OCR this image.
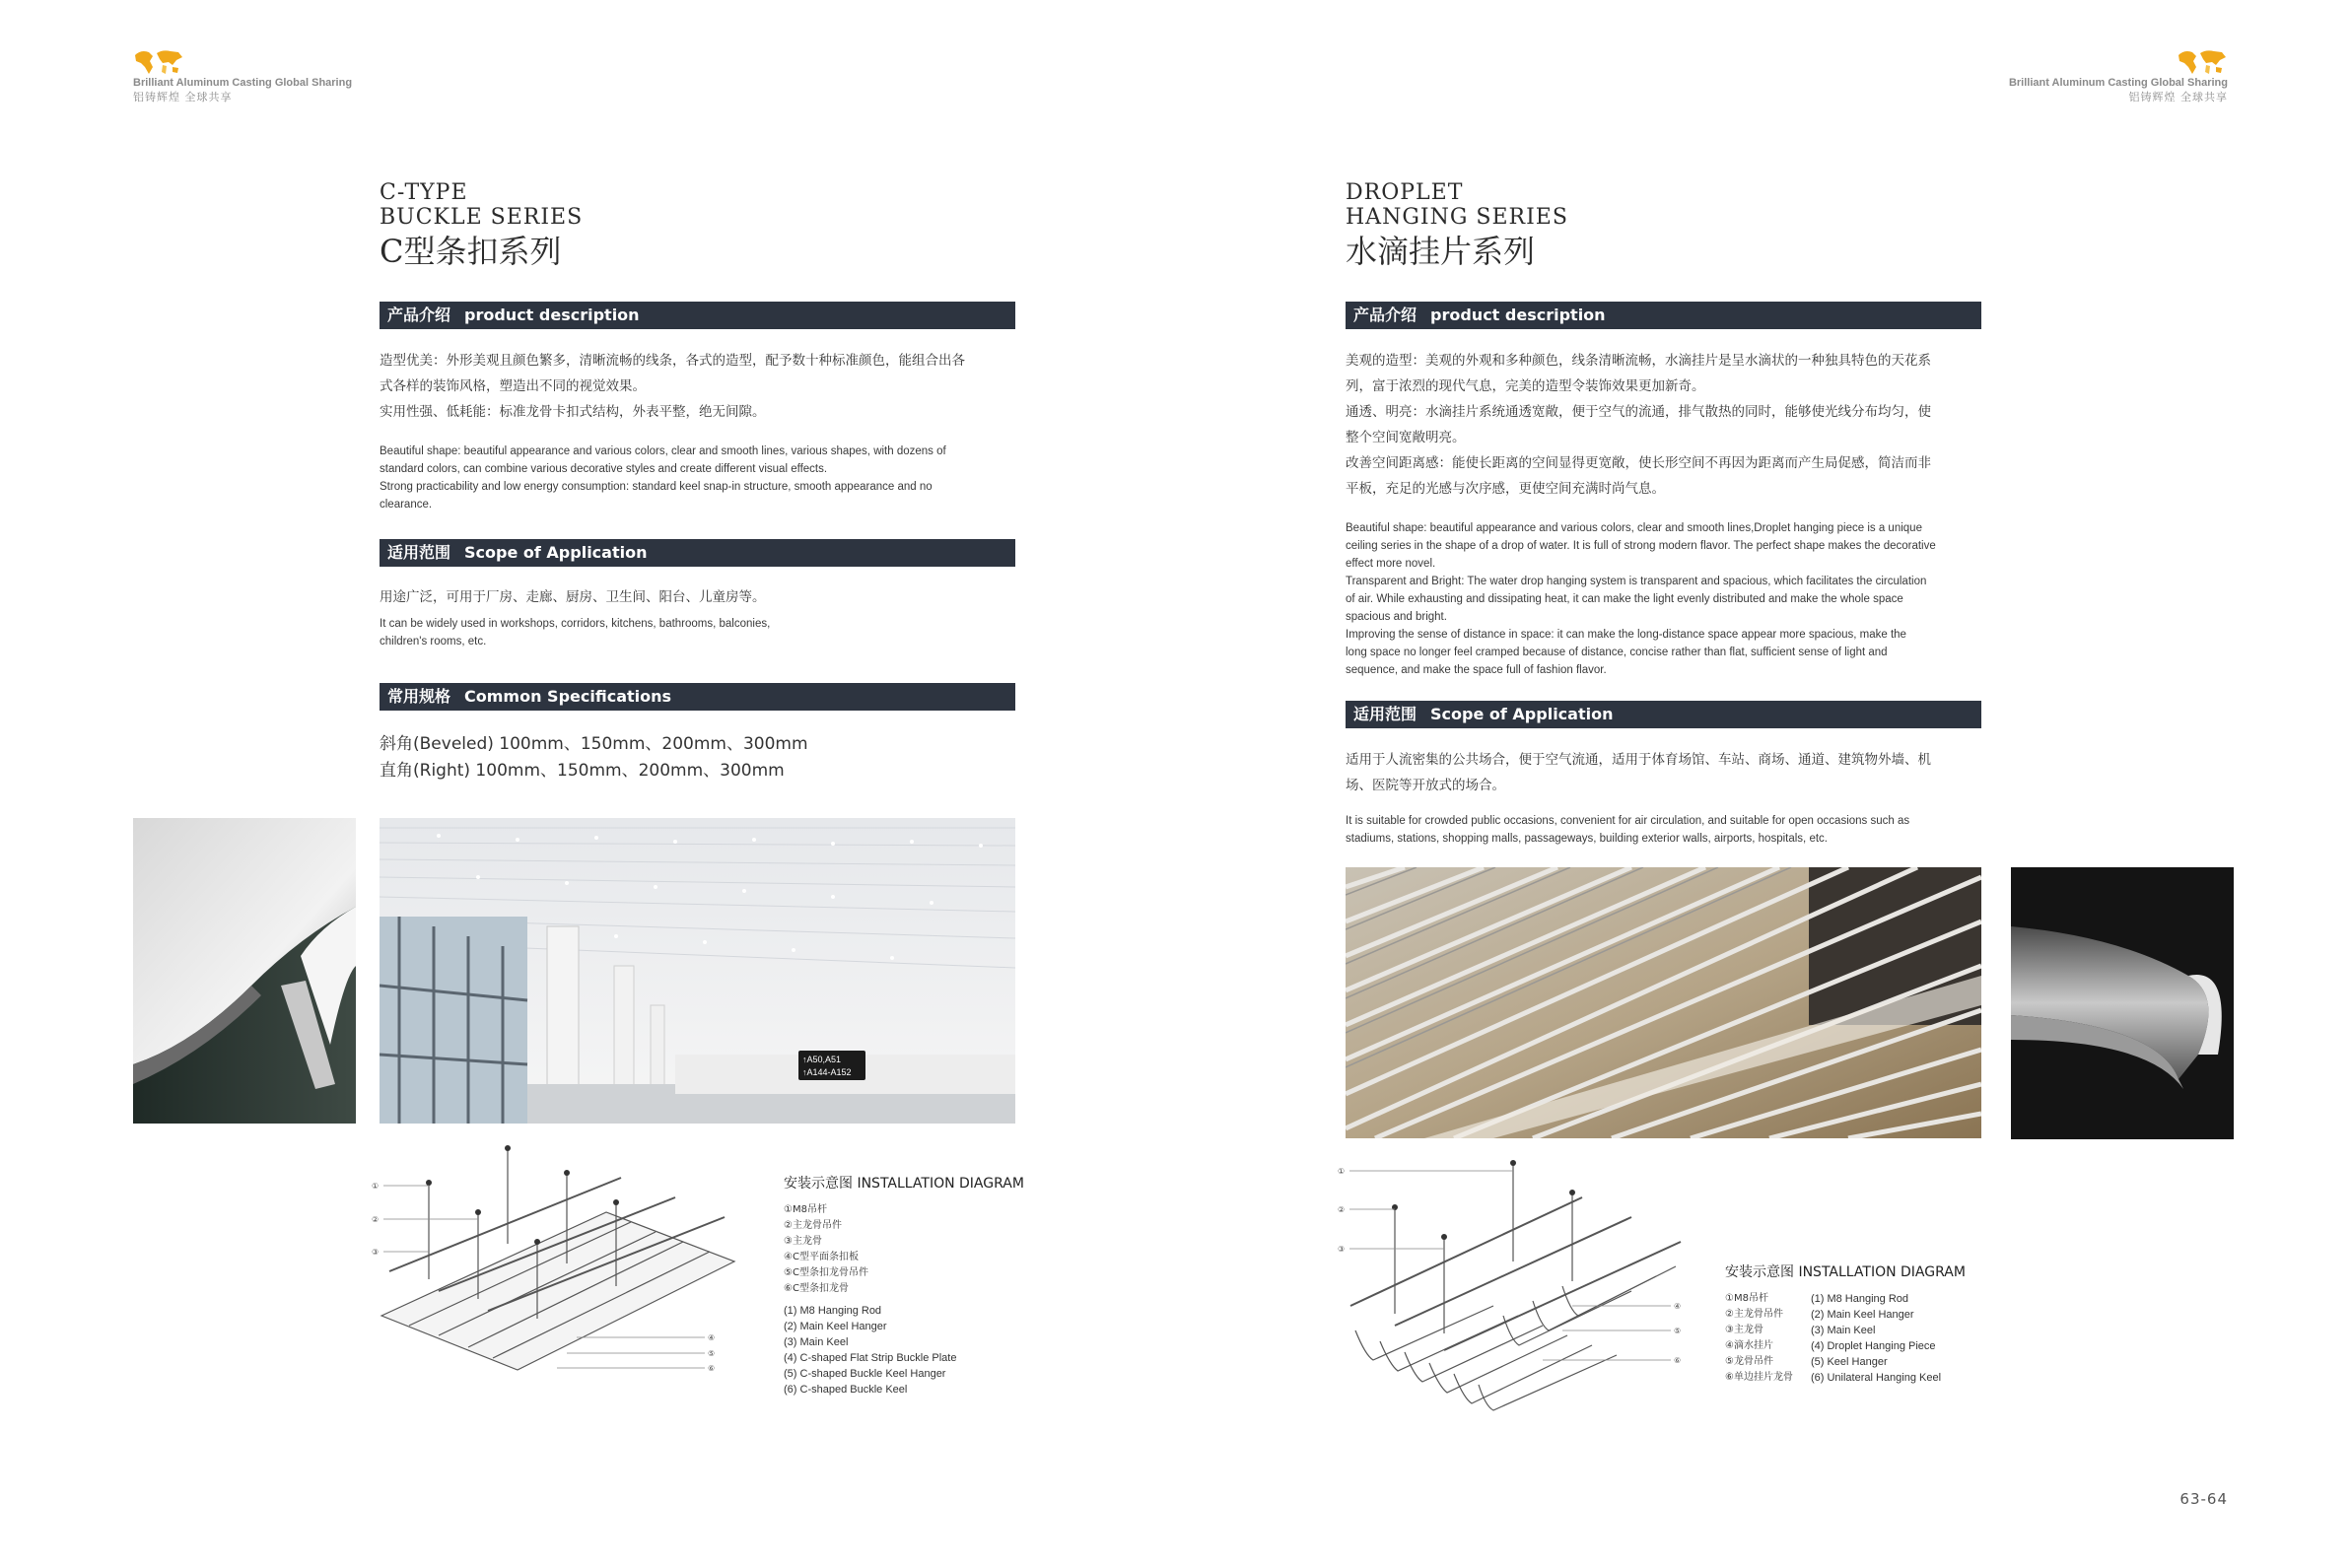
Brilliant Aluminum Casting Global Sharing
铝铸辉煌 全球共享
Brilliant Aluminum Casting Global Sharing
铝铸辉煌 全球共享
C-TYPE
BUCKLE SERIES
C型条扣系列
产品介绍 product description
造型优美：外形美观且颜色繁多，清晰流畅的线条，各式的造型，配予数十种标准颜色，能组合出各
式各样的装饰风格，塑造出不同的视觉效果。
实用性强、低耗能：标准龙骨卡扣式结构，外表平整，绝无间隙。
Beautiful shape: beautiful appearance and various colors, clear and smooth lines, various shapes, with dozens of
standard colors, can combine various decorative styles and create different visual effects.
Strong practicability and low energy consumption: standard keel snap-in structure, smooth appearance and no
clearance.
适用范围 Scope of Application
用途广泛，可用于厂房、走廊、厨房、卫生间、阳台、儿童房等。
It can be widely used in workshops, corridors, kitchens, bathrooms, balconies,
children's rooms, etc.
常用规格 Common Specifications
斜角(Beveled) 100mm、150mm、200mm、300mm
直角(Right) 100mm、150mm、200mm、300mm
↑A50,A51
↑A144-A152
①
②
③
④
⑤
⑥
安装示意图 INSTALLATION DIAGRAM
①M8吊杆
②主龙骨吊件
③主龙骨
④C型平面条扣板
⑤C型条扣龙骨吊件
⑥C型条扣龙骨
(1) M8 Hanging Rod
(2) Main Keel Hanger
(3) Main Keel
(4) C-shaped Flat Strip Buckle Plate
(5) C-shaped Buckle Keel Hanger
(6) C-shaped Buckle Keel
DROPLET
HANGING SERIES
水滴挂片系列
产品介绍 product description
美观的造型：美观的外观和多种颜色，线条清晰流畅，水滴挂片是呈水滴状的一种独具特色的天花系
列，富于浓烈的现代气息，完美的造型令装饰效果更加新奇。
通透、明亮：水滴挂片系统通透宽敞，便于空气的流通，排气散热的同时，能够使光线分布均匀，使
整个空间宽敞明亮。
改善空间距离感：能使长距离的空间显得更宽敞，使长形空间不再因为距离而产生局促感，简洁而非
平板，充足的光感与次序感，更使空间充满时尚气息。
Beautiful shape: beautiful appearance and various colors, clear and smooth lines,Droplet hanging piece is a unique
ceiling series in the shape of a drop of water. It is full of strong modern flavor. The perfect shape makes the decorative
effect more novel.
Transparent and Bright: The water drop hanging system is transparent and spacious, which facilitates the circulation
of air. While exhausting and dissipating heat, it can make the light evenly distributed and make the whole space
spacious and bright.
Improving the sense of distance in space: it can make the long-distance space appear more spacious, make the
long space no longer feel cramped because of distance, concise rather than flat, sufficient sense of light and
sequence, and make the space full of fashion flavor.
适用范围 Scope of Application
适用于人流密集的公共场合，便于空气流通，适用于体育场馆、车站、商场、通道、建筑物外墙、机
场、医院等开放式的场合。
It is suitable for crowded public occasions, convenient for air circulation, and suitable for open occasions such as
stadiums, stations, shopping malls, passageways, building exterior walls, airports, hospitals, etc.
①
②
③
④
⑤
⑥
安装示意图 INSTALLATION DIAGRAM
①M8吊杆
②主龙骨吊件
③主龙骨
④滴水挂片
⑤龙骨吊件
⑥单边挂片龙骨
(1) M8 Hanging Rod
(2) Main Keel Hanger
(3) Main Keel
(4) Droplet Hanging Piece
(5) Keel Hanger
(6) Unilateral Hanging Keel
63-64
